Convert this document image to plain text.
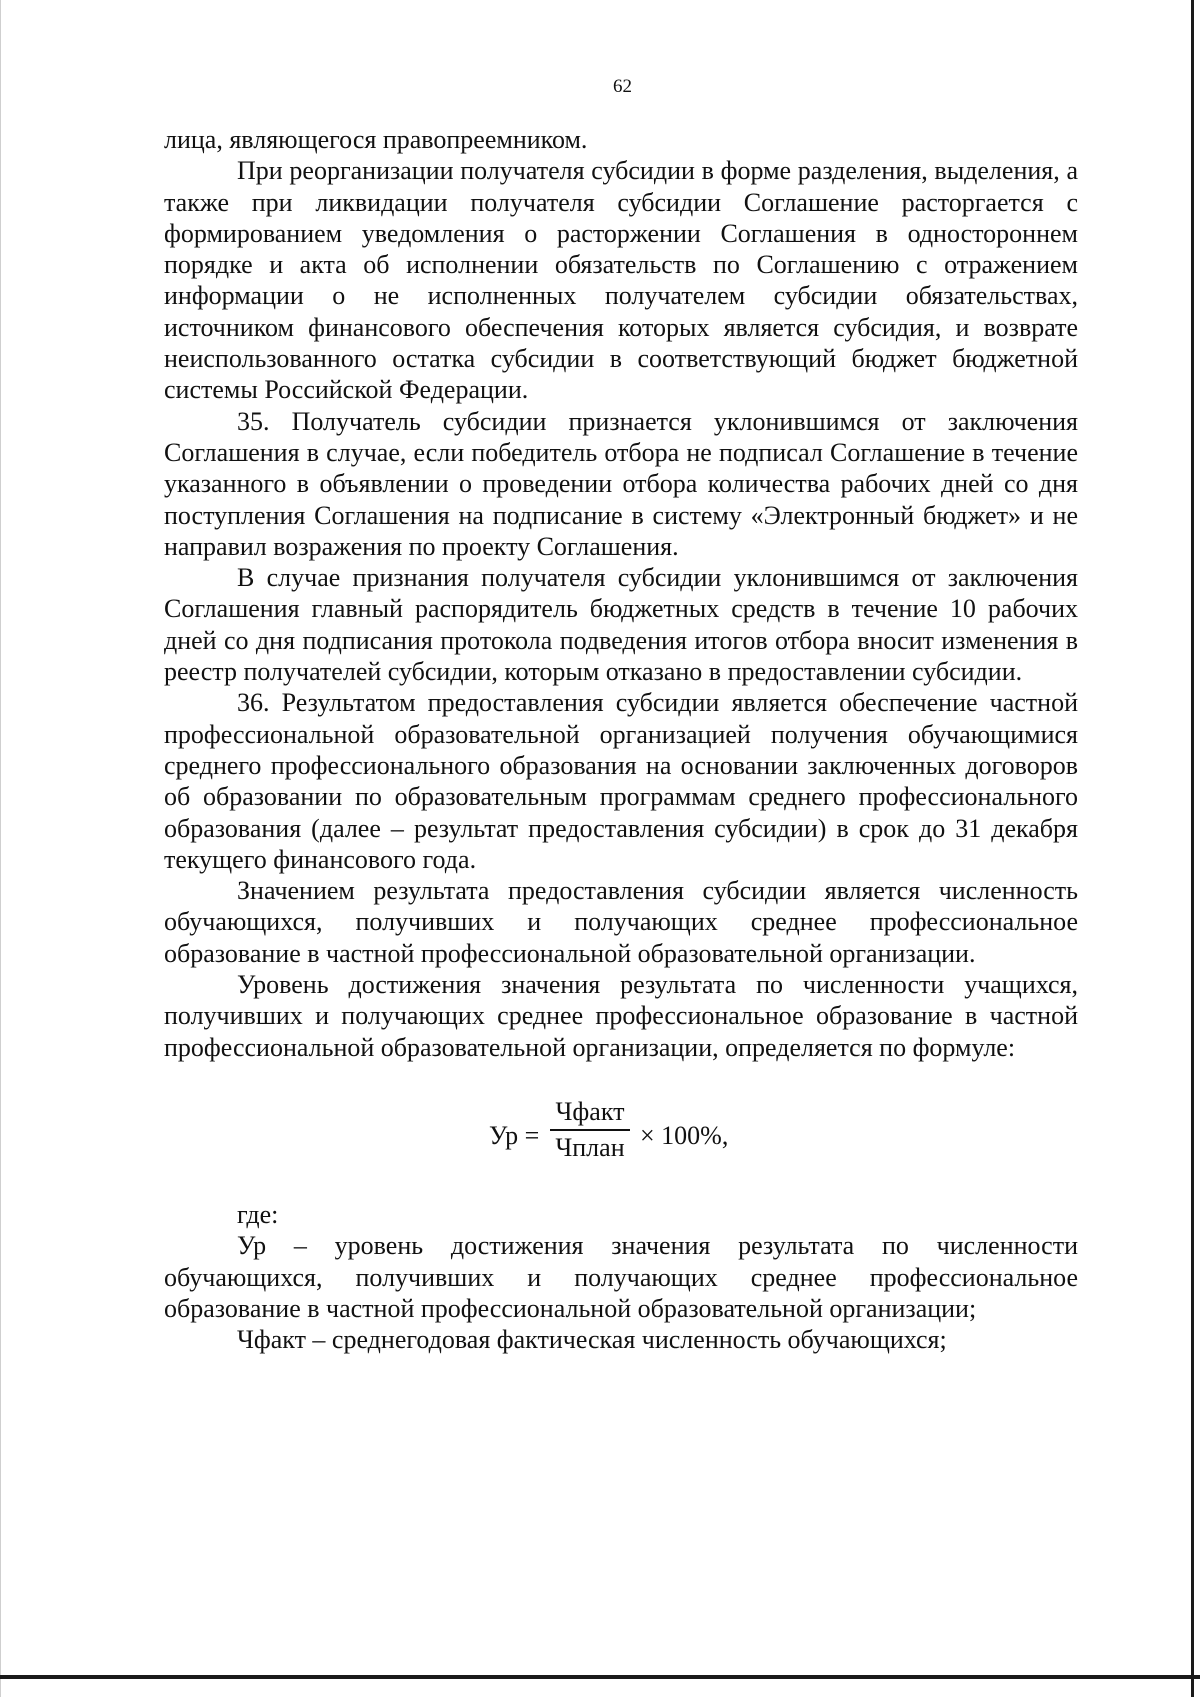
62

лица, являющегося правопреемником.

При реорганизации получателя субсидии в форме разделения, выделения, а также при ликвидации получателя субсидии Соглашение расторгается с формированием уведомления о расторжении Соглашения в одностороннем порядке и акта об исполнении обязательств по Соглашению с отражением информации о не исполненных получателем субсидии обязательствах, источником финансового обеспечения которых является субсидия, и возврате неиспользованного остатка субсидии в соответствующий бюджет бюджетной системы Российской Федерации.

35. Получатель субсидии признается уклонившимся от заключения Соглашения в случае, если победитель отбора не подписал Соглашение в течение указанного в объявлении о проведении отбора количества рабочих дней со дня поступления Соглашения на подписание в систему «Электронный бюджет» и не направил возражения по проекту Соглашения.

В случае признания получателя субсидии уклонившимся от заключения Соглашения главный распорядитель бюджетных средств в течение 10 рабочих дней со дня подписания протокола подведения итогов отбора вносит изменения в реестр получателей субсидии, которым отказано в предоставлении субсидии.

36. Результатом предоставления субсидии является обеспечение частной профессиональной образовательной организацией получения обучающимися среднего профессионального образования на основании заключенных договоров об образовании по образовательным программам среднего профессионального образования (далее – результат предоставления субсидии) в срок до 31 декабря текущего финансового года.

Значением результата предоставления субсидии является численность обучающихся, получивших и получающих среднее профессиональное образование в частной профессиональной образовательной организации.

Уровень достижения значения результата по численности учащихся, получивших и получающих среднее профессиональное образование в частной профессиональной образовательной организации, определяется по формуле:

Ур =
Чфакт
Чплан × 100%,

где:

Ур – уровень достижения значения результата по численности обучающихся, получивших и получающих среднее профессиональное образование в частной профессиональной образовательной организации;

Чфакт – среднегодовая фактическая численность обучающихся;
